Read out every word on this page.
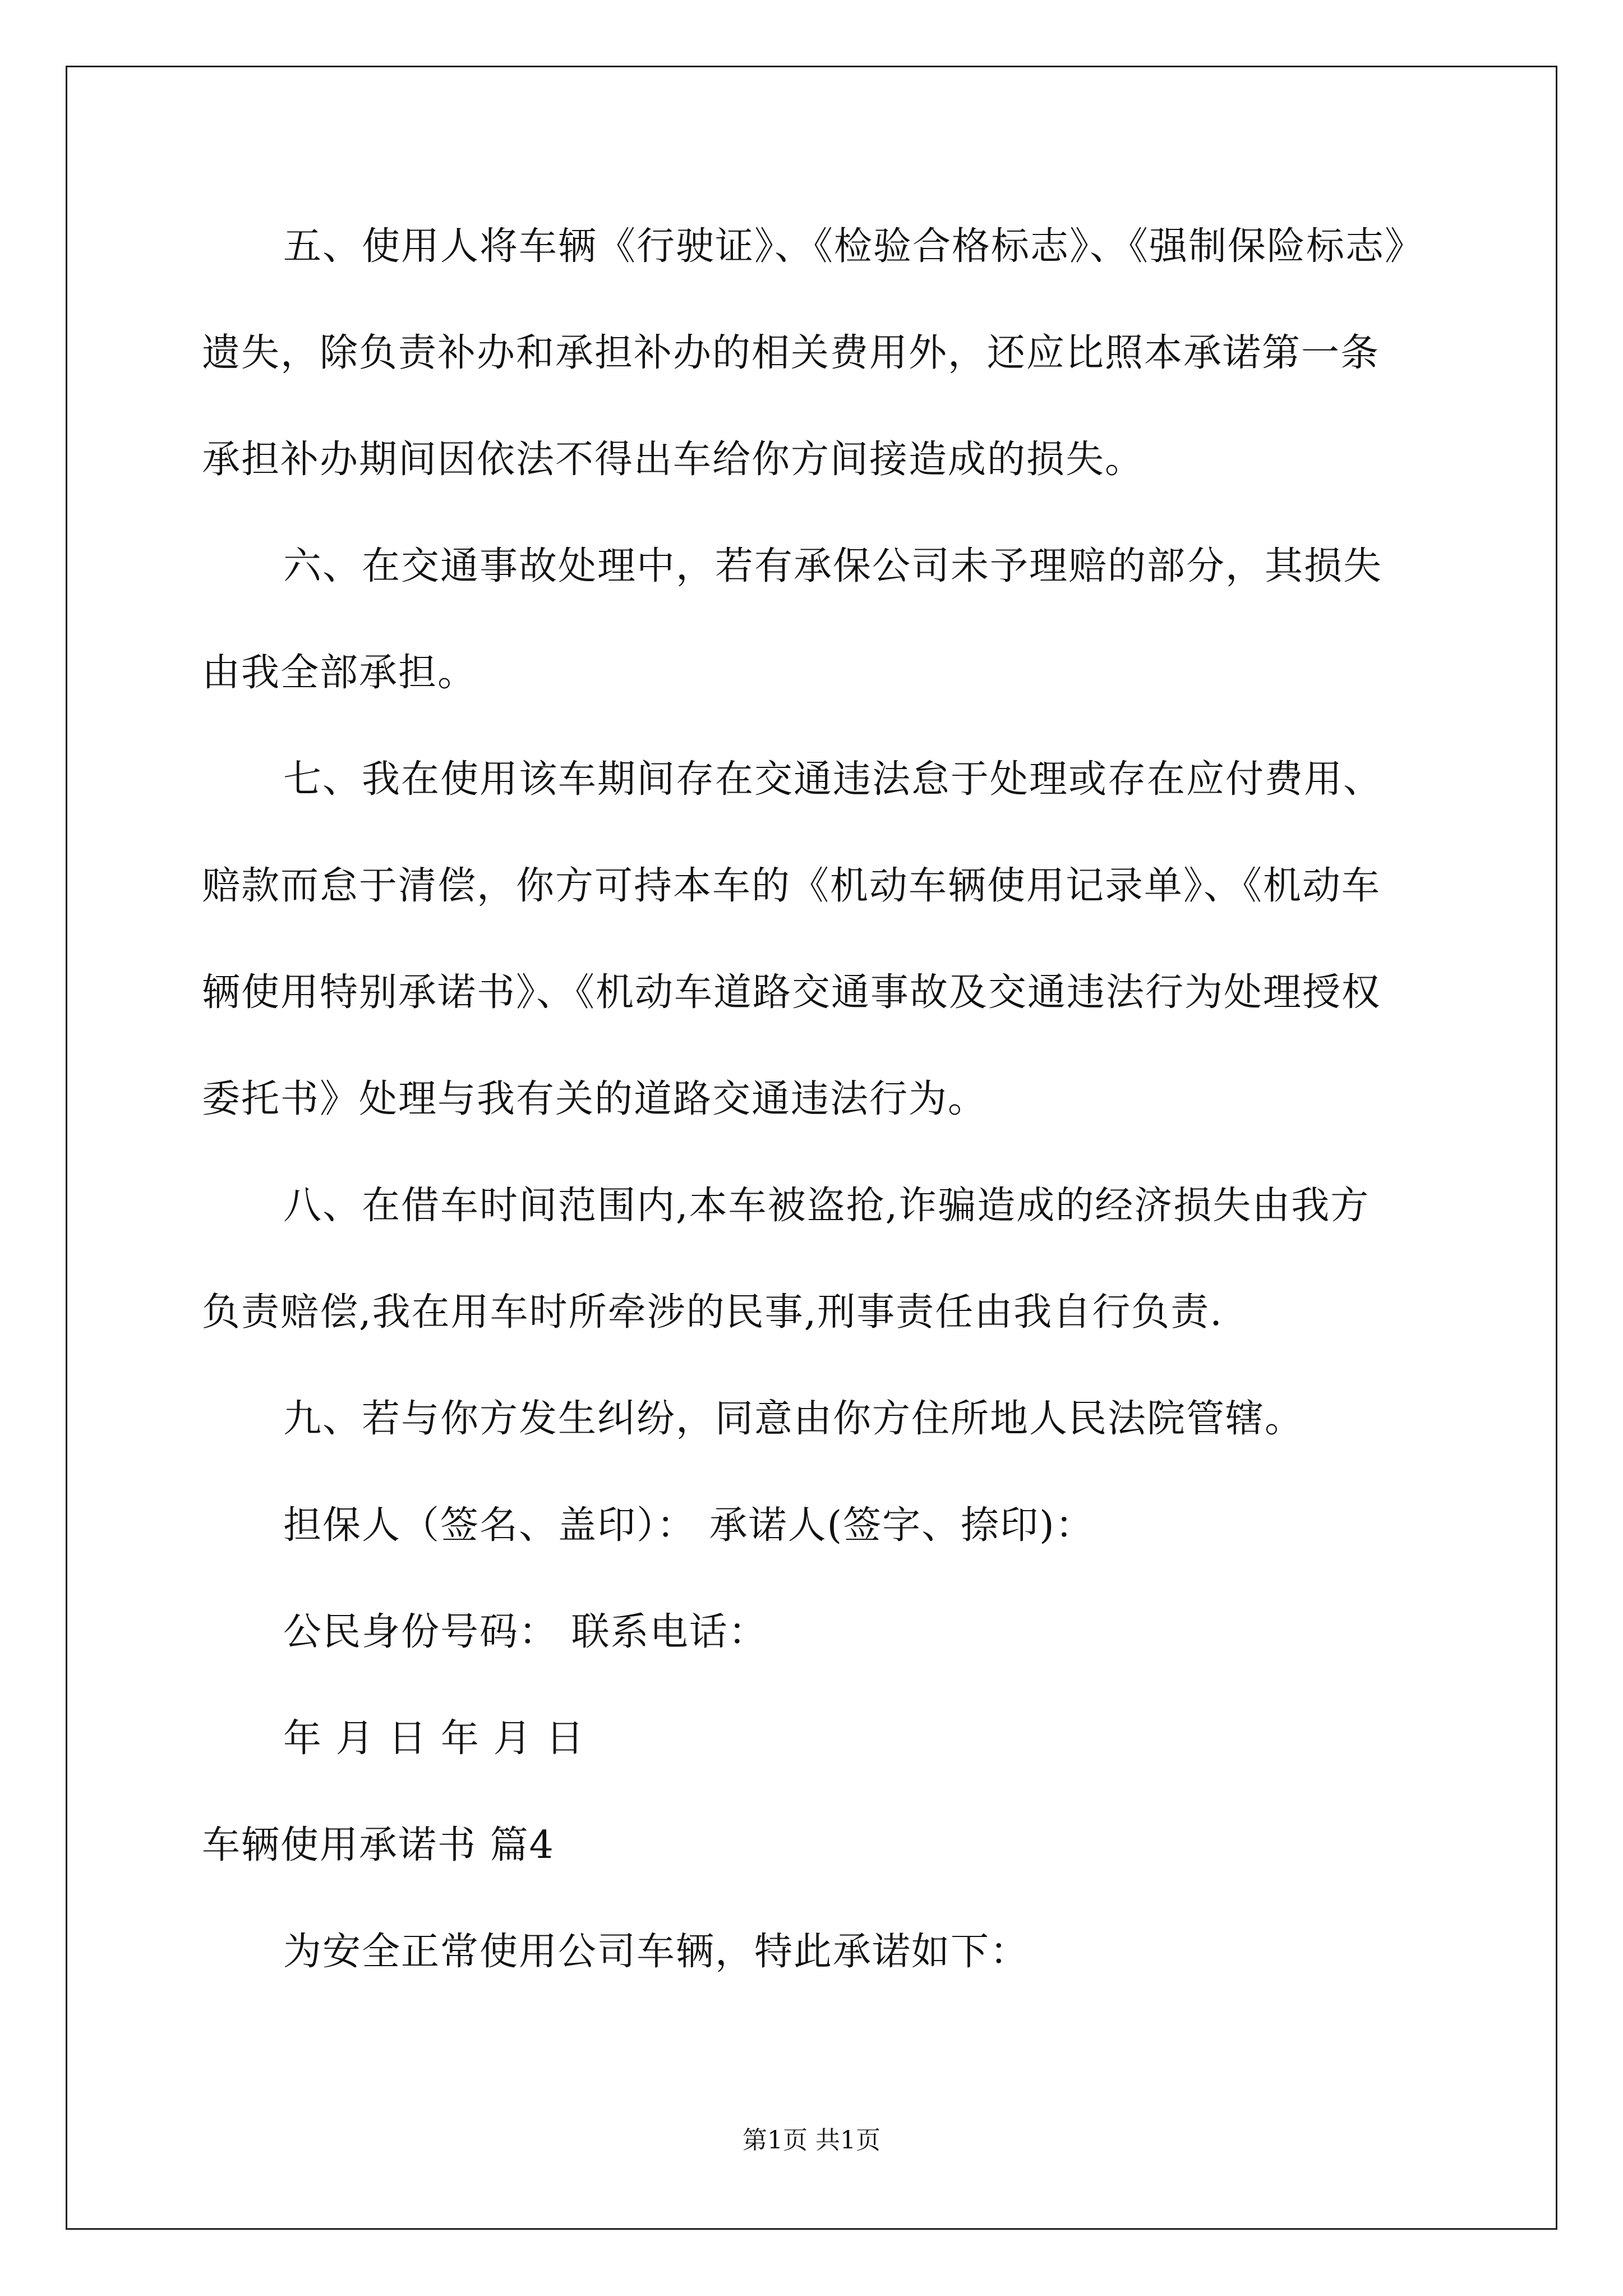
五、使用人将车辆《行驶证》、《检验合格标志》、《强制保险标志》
遗失，除负责补办和承担补办的相关费用外，还应比照本承诺第一条
承担补办期间因依法不得出车给你方间接造成的损失。
六、在交通事故处理中，若有承保公司未予理赔的部分，其损失
由我全部承担。
七、我在使用该车期间存在交通违法怠于处理或存在应付费用、
赔款而怠于清偿，你方可持本车的《机动车辆使用记录单》、《机动车
辆使用特别承诺书》、《机动车道路交通事故及交通违法行为处理授权
委托书》处理与我有关的道路交通违法行为。
八、在借车时间范围内,本车被盗抢,诈骗造成的经济损失由我方
负责赔偿,我在用车时所牵涉的民事,刑事责任由我自行负责.
九、若与你方发生纠纷，同意由你方住所地人民法院管辖。
担保人（签名、盖印）： 承诺人(签字、捺印)：
公民身份号码： 联系电话：
年 月 日 年 月 日
车辆使用承诺书 篇4
为安全正常使用公司车辆，特此承诺如下：
第1页 共1页
